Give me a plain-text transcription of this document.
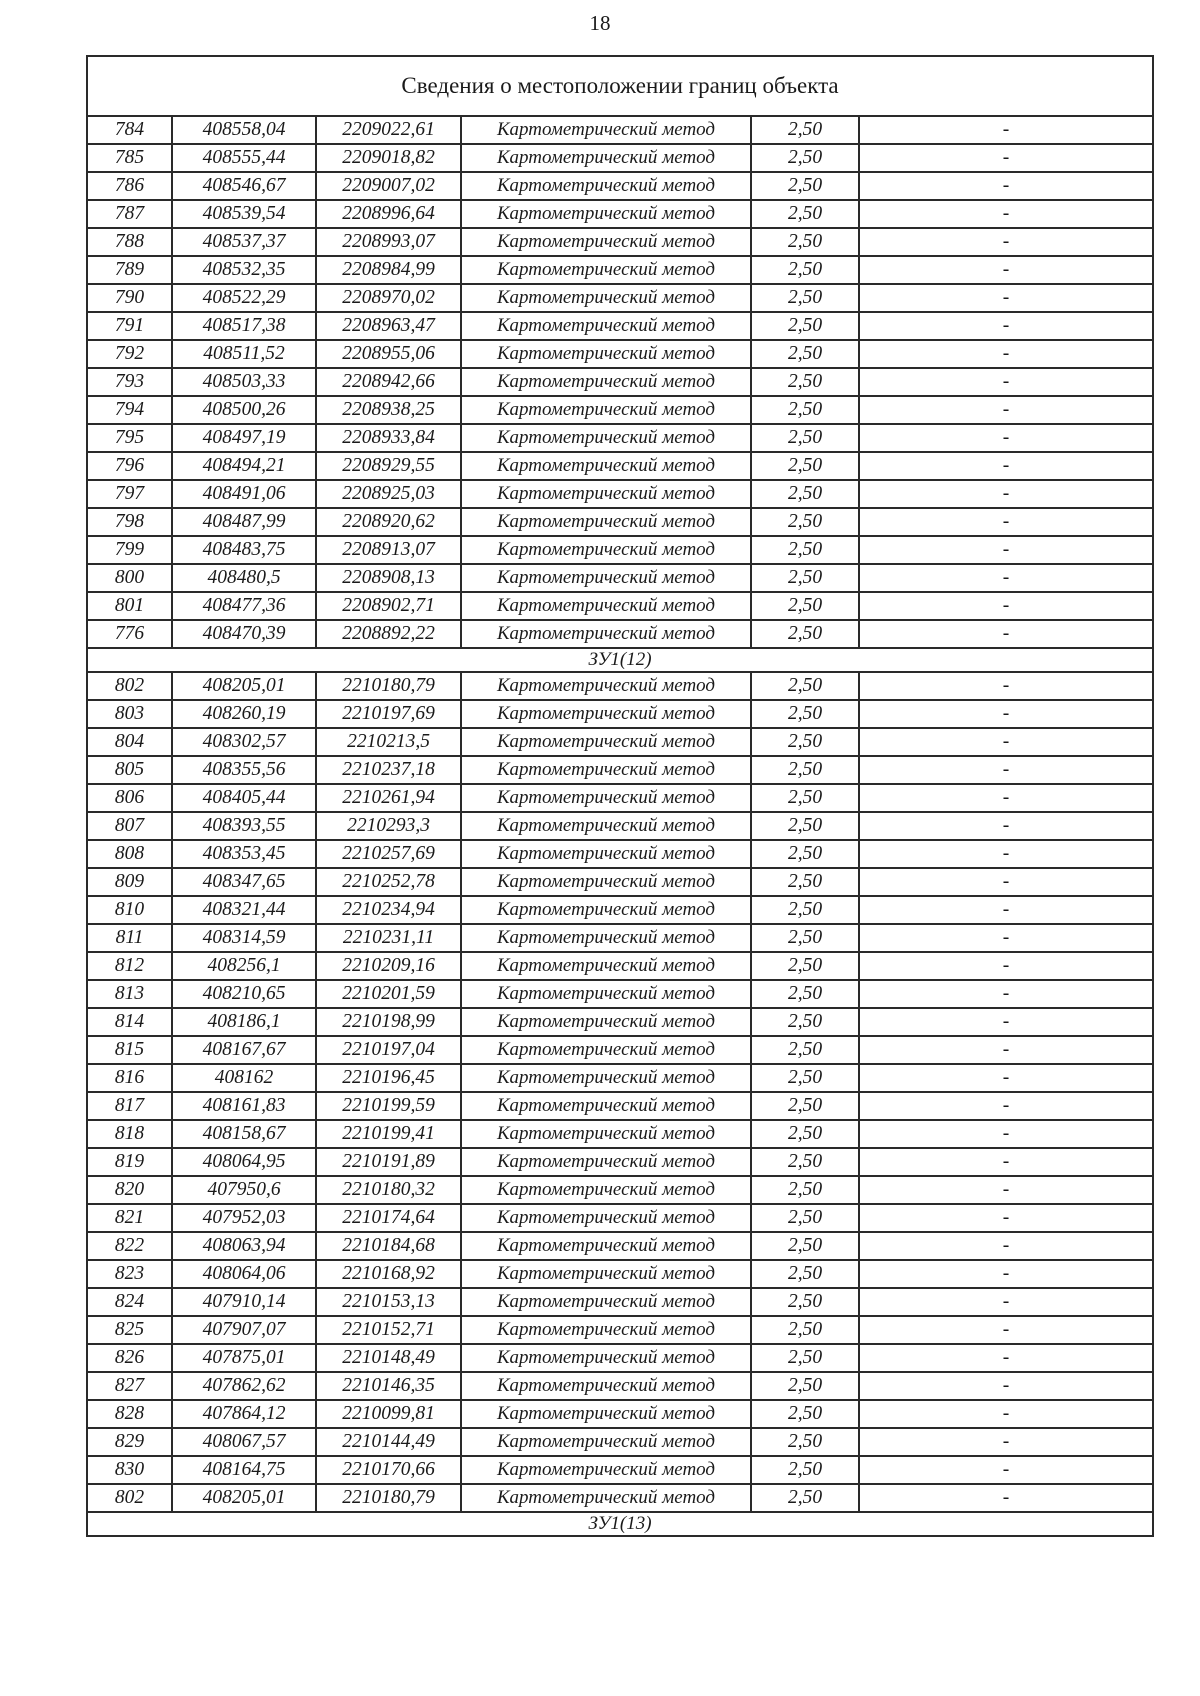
18
Сведения о местоположении границ объекта					
784	408558,04	2209022,61	Картометрический метод	2,50	-
785	408555,44	2209018,82	Картометрический метод	2,50	-
786	408546,67	2209007,02	Картометрический метод	2,50	-
787	408539,54	2208996,64	Картометрический метод	2,50	-
788	408537,37	2208993,07	Картометрический метод	2,50	-
789	408532,35	2208984,99	Картометрический метод	2,50	-
790	408522,29	2208970,02	Картометрический метод	2,50	-
791	408517,38	2208963,47	Картометрический метод	2,50	-
792	408511,52	2208955,06	Картометрический метод	2,50	-
793	408503,33	2208942,66	Картометрический метод	2,50	-
794	408500,26	2208938,25	Картометрический метод	2,50	-
795	408497,19	2208933,84	Картометрический метод	2,50	-
796	408494,21	2208929,55	Картометрический метод	2,50	-
797	408491,06	2208925,03	Картометрический метод	2,50	-
798	408487,99	2208920,62	Картометрический метод	2,50	-
799	408483,75	2208913,07	Картометрический метод	2,50	-
800	408480,5	2208908,13	Картометрический метод	2,50	-
801	408477,36	2208902,71	Картометрический метод	2,50	-
776	408470,39	2208892,22	Картометрический метод	2,50	-
ЗУ1(12)					
802	408205,01	2210180,79	Картометрический метод	2,50	-
803	408260,19	2210197,69	Картометрический метод	2,50	-
804	408302,57	2210213,5	Картометрический метод	2,50	-
805	408355,56	2210237,18	Картометрический метод	2,50	-
806	408405,44	2210261,94	Картометрический метод	2,50	-
807	408393,55	2210293,3	Картометрический метод	2,50	-
808	408353,45	2210257,69	Картометрический метод	2,50	-
809	408347,65	2210252,78	Картометрический метод	2,50	-
810	408321,44	2210234,94	Картометрический метод	2,50	-
811	408314,59	2210231,11	Картометрический метод	2,50	-
812	408256,1	2210209,16	Картометрический метод	2,50	-
813	408210,65	2210201,59	Картометрический метод	2,50	-
814	408186,1	2210198,99	Картометрический метод	2,50	-
815	408167,67	2210197,04	Картометрический метод	2,50	-
816	408162	2210196,45	Картометрический метод	2,50	-
817	408161,83	2210199,59	Картометрический метод	2,50	-
818	408158,67	2210199,41	Картометрический метод	2,50	-
819	408064,95	2210191,89	Картометрический метод	2,50	-
820	407950,6	2210180,32	Картометрический метод	2,50	-
821	407952,03	2210174,64	Картометрический метод	2,50	-
822	408063,94	2210184,68	Картометрический метод	2,50	-
823	408064,06	2210168,92	Картометрический метод	2,50	-
824	407910,14	2210153,13	Картометрический метод	2,50	-
825	407907,07	2210152,71	Картометрический метод	2,50	-
826	407875,01	2210148,49	Картометрический метод	2,50	-
827	407862,62	2210146,35	Картометрический метод	2,50	-
828	407864,12	2210099,81	Картометрический метод	2,50	-
829	408067,57	2210144,49	Картометрический метод	2,50	-
830	408164,75	2210170,66	Картометрический метод	2,50	-
802	408205,01	2210180,79	Картометрический метод	2,50	-
ЗУ1(13)					
